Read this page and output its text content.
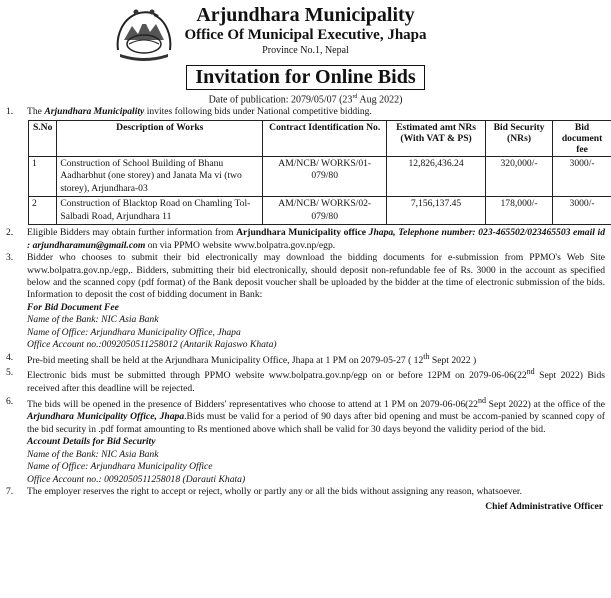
Arjundhara Municipality
Office Of Municipal Executive, Jhapa
Province No.1, Nepal
Invitation for Online Bids
Date of publication: 2079/05/07 (23rd Aug 2022)
1.	The Arjundhara Municipality invites following bids under National competitive bidding.
S.No	Description of Works	Contract Identification No.	Estimated amt NRs (With VAT & PS)	Bid Security (NRs)	Bid document fee
1	Construction of School Building of Bhanu Aadharbhut (one storey) and Janata Ma vi (two storey), Arjundhara-03	AM/NCB/ WORKS/01-079/80	12,826,436.24	320,000/-	3000/-
2	Construction of Blacktop Road on Chamling Tol- Salbadi Road, Arjundhara 11	AM/NCB/ WORKS/02-079/80	7,156,137.45	178,000/-	3000/-
2.	Eligible Bidders may obtain further information from Arjundhara Municipality office Jhapa, Telephone number: 023-465502/023465503 email id : arjundharamun@gmail.com on via PPMO website www.bolpatra.gov.np/egp.
3.	Bidder who chooses to submit their bid electronically may download the bidding documents for e-submission from PPMO's Web Site www.bolpatra.gov.np./egp,. Bidders, submitting their bid electronically, should deposit non-refundable fee of Rs. 3000 in the account as specified below and the scanned copy (pdf format) of the Bank deposit voucher shall be uploaded by the bidder at the time of electronic submission of the bids. Information to deposit the cost of bidding document in Bank:
For Bid Document Fee
Name of the Bank: NIC Asia Bank
Name of Office: Arjundhara Municipality Office, Jhapa
Office Account no.:0092050511258012 (Antarik Rajaswo Khata)
4.	Pre-bid meeting shall be held at the Arjundhara Municipality Office, Jhapa at 1 PM on 2079-05-27 ( 12th Sept 2022 )
5.	Electronic bids must be submitted through PPMO website www.bolpatra.gov.np/egp on or before 12PM on 2079-06-06(22nd Sept 2022) Bids received after this deadline will be rejected.
6.	The bids will be opened in the presence of Bidders' representatives who choose to attend at 1 PM on 2079-06-06(22nd Sept 2022) at the office of the Arjundhara Municipality Office, Jhapa.Bids must be valid for a period of 90 days after bid opening and must be accom-panied by scanned copy of the bid security in .pdf format amounting to Rs mentioned above which shall be valid for 30 days beyond the validity period of the bid.
Account Details for Bid Security
Name of the Bank: NIC Asia Bank
Name of Office: Arjundhara Municipality Office
Office Account no.: 0092050511258018 (Darauti Khata)
7.	The employer reserves the right to accept or reject, wholly or partly any or all the bids without assigning any reason, whatsoever.
Chief Administrative Officer
